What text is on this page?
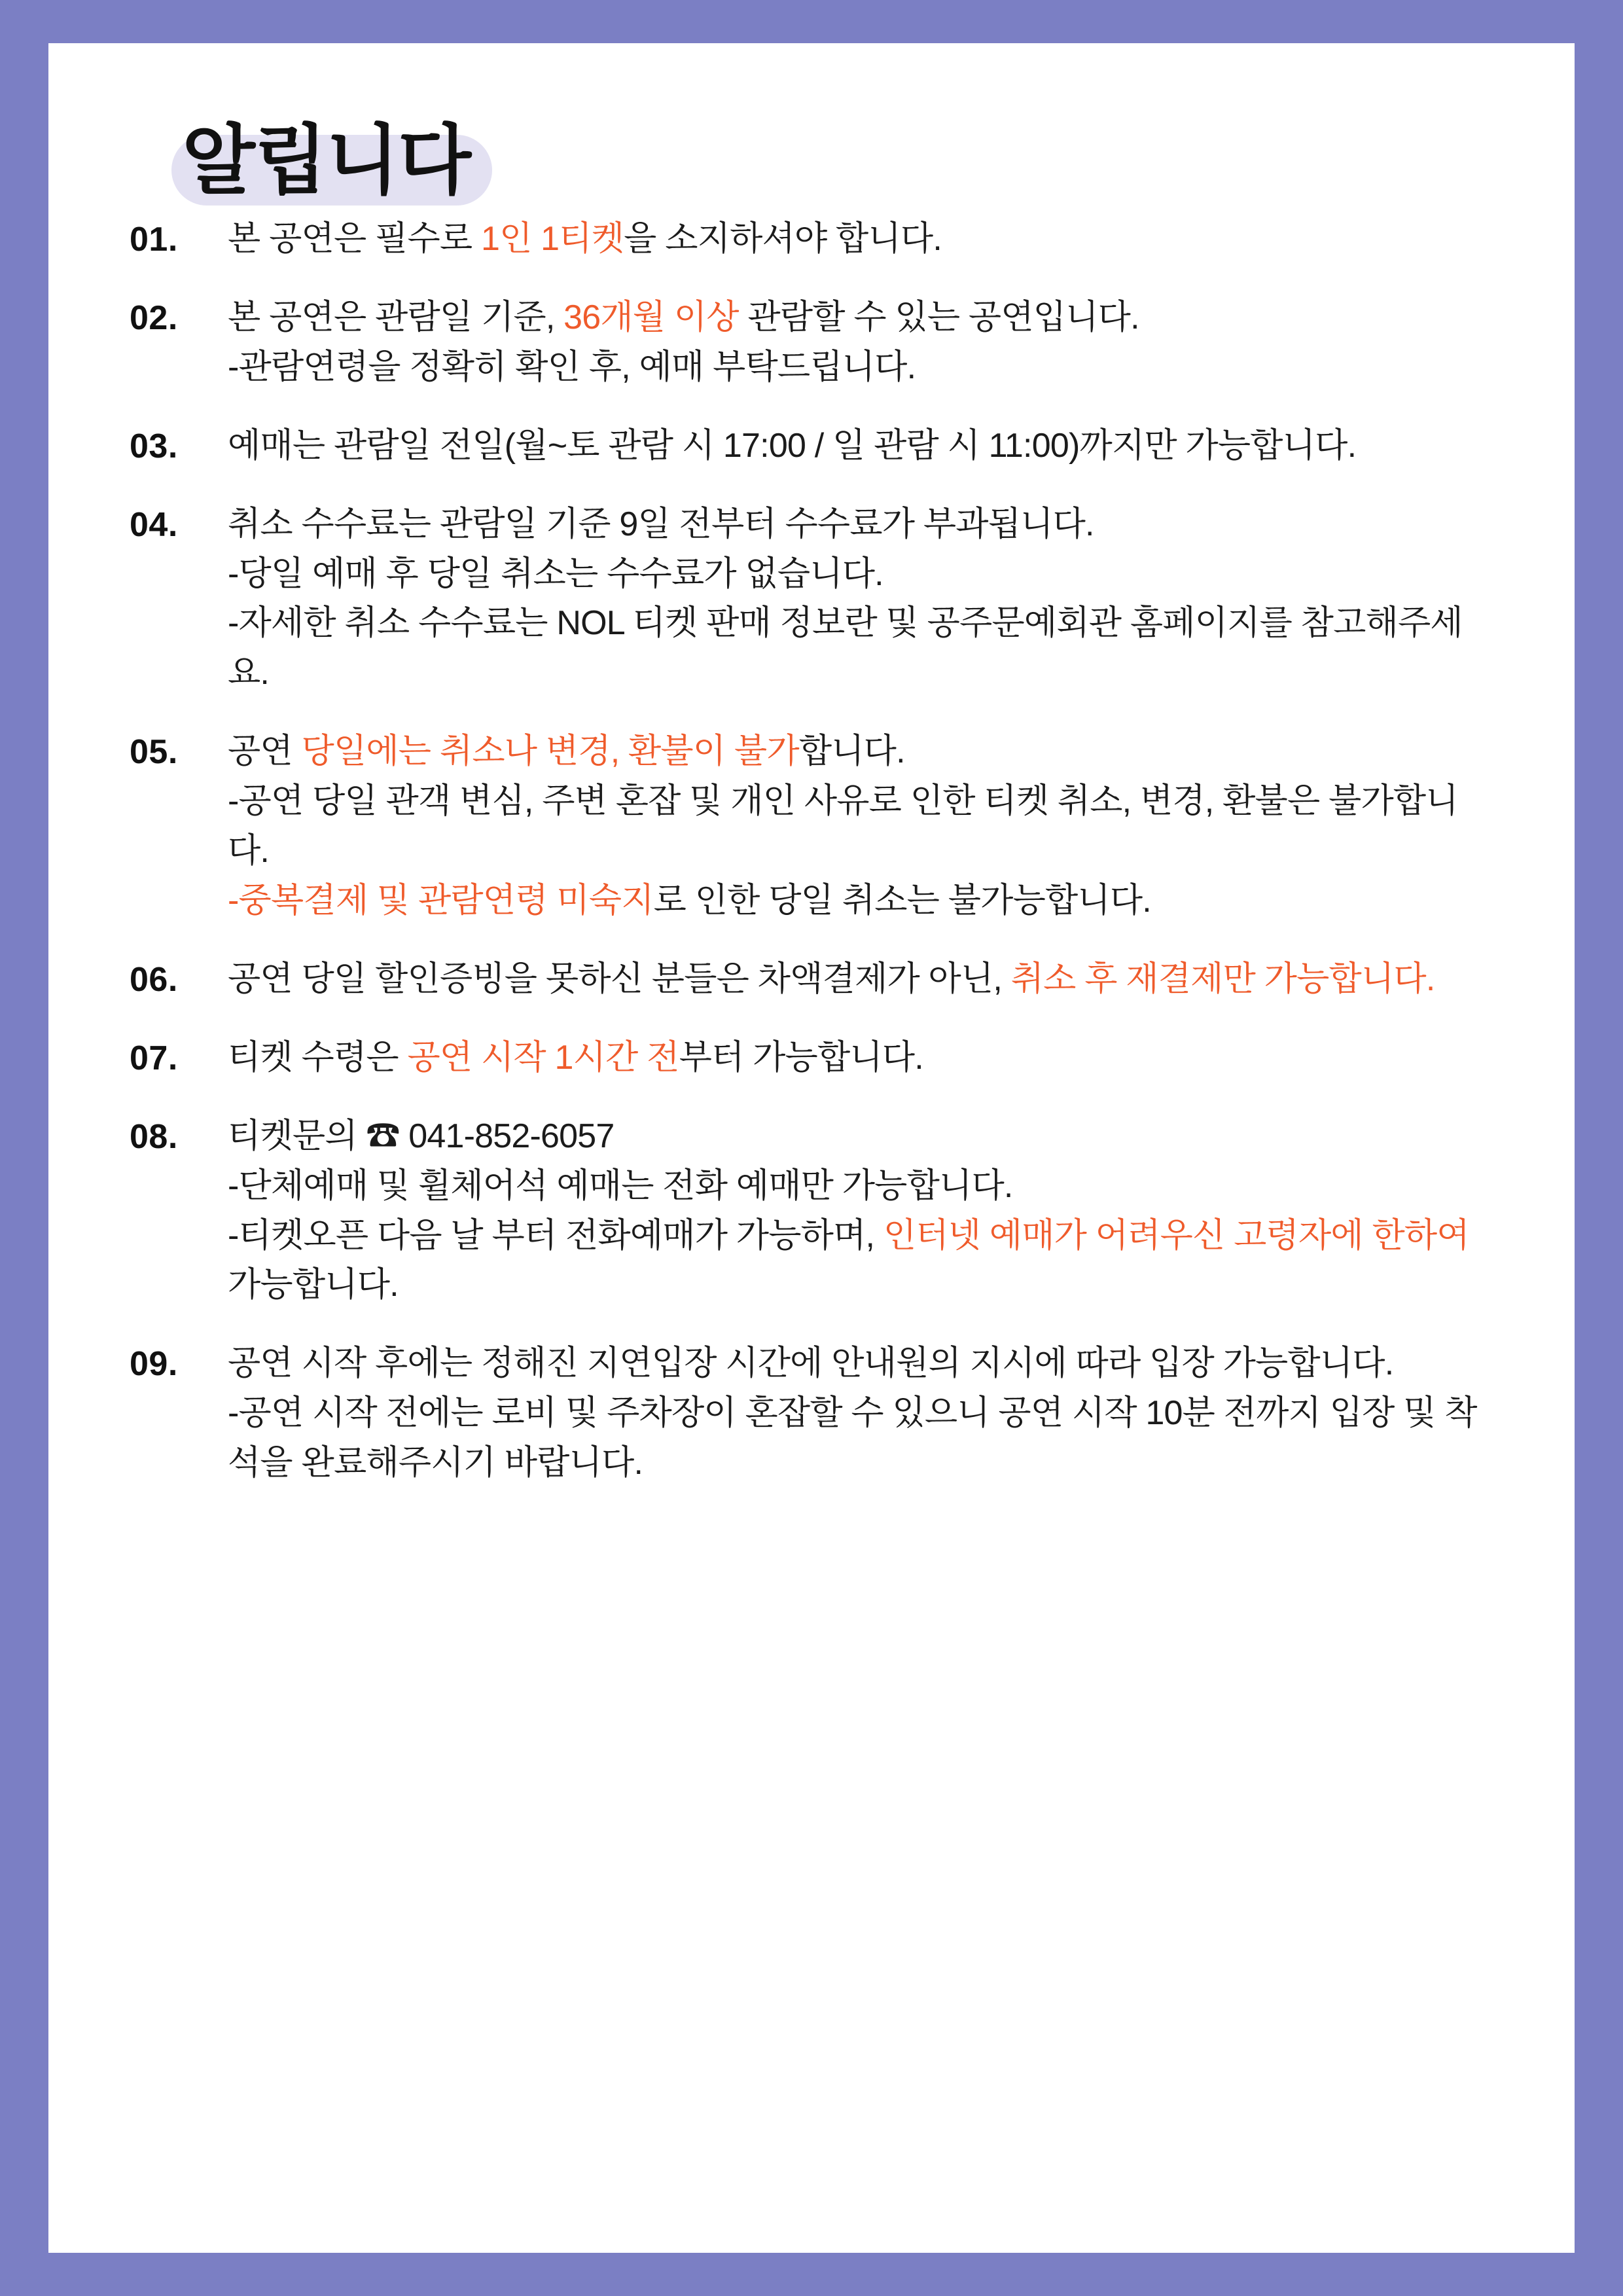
알립니다
01.	본 공연은 필수로 1인 1티켓을 소지하셔야 합니다.

02.	본 공연은 관람일 기준, 36개월 이상 관람할 수 있는 공연입니다.

-관람연령을 정확히 확인 후, 예매 부탁드립니다.

03.	예매는 관람일 전일(월~토 관람 시 17:00 / 일 관람 시 11:00)까지만 가능합니다.

04.	취소 수수료는 관람일 기준 9일 전부터 수수료가 부과됩니다.

-당일 예매 후 당일 취소는 수수료가 없습니다.

-자세한 취소 수수료는 NOL 티켓 판매 정보란 및 공주문예회관 홈페이지를 참고해주세요.

05.	공연 당일에는 취소나 변경, 환불이 불가합니다.

-공연 당일 관객 변심, 주변 혼잡 및 개인 사유로 인한 티켓 취소, 변경, 환불은 불가합니다.

-중복결제 및 관람연령 미숙지로 인한 당일 취소는 불가능합니다.

06.	공연 당일 할인증빙을 못하신 분들은 차액결제가 아닌, 취소 후 재결제만 가능합니다.

07.	티켓 수령은 공연 시작 1시간 전부터 가능합니다.

08.	티켓문의 ☎ 041-852-6057

-단체예매 및 휠체어석 예매는 전화 예매만 가능합니다.

-티켓오픈 다음 날 부터 전화예매가 가능하며, 인터넷 예매가 어려우신 고령자에 한하여 가능합니다.

09.	공연 시작 후에는 정해진 지연입장 시간에 안내원의 지시에 따라 입장 가능합니다.

-공연 시작 전에는 로비 및 주차장이 혼잡할 수 있으니 공연 시작 10분 전까지 입장 및 착석을 완료해주시기 바랍니다.
